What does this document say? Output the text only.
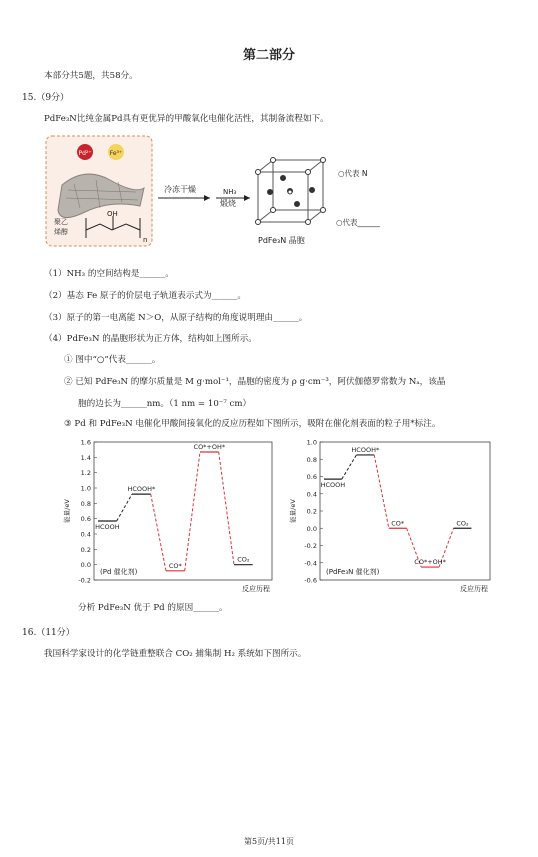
第二部分
本部分共5题，共58分。
15.（9分）
PdFe₃N比纯金属Pd具有更优异的甲酸氧化电催化活性，其制备流程如下。
Pd²⁺	Fe³⁺
聚乙
烯醇
OH
n
冷冻干燥	NH₃
煅烧
○代表 N
○代表______
PdFe₃N 晶胞
（1）NH₃ 的空间结构是______。
（2）基态 Fe 原子的价层电子轨道表示式为______。
（3）原子的第一电离能 N＞O，从原子结构的角度说明理由______。
（4）PdFe₃N 的晶胞形状为正方体，结构如上图所示。
① 图中“○”代表______。
② 已知 PdFe₃N 的摩尔质量是 M g·mol⁻¹，晶胞的密度为 ρ g·cm⁻³，阿伏伽德罗常数为 Nₐ，该晶
胞的边长为______nm。（1 nm = 10⁻⁷ cm）
③ Pd 和 PdFe₃N 电催化甲酸间接氧化的反应历程如下图所示，吸附在催化剂表面的粒子用*标注。
-0.2
0.0
0.2
0.4
0.6
0.8
1.0
1.2
1.4
1.6
能量/eV
反应历程
(Pd 催化剂)
HCOOH
HCOOH*
CO*
CO*+OH*
CO₂
-0.6
-0.4
-0.2
0.0
0.2
0.4
0.6
0.8
1.0
能量/eV
反应历程
(PdFe₃N 催化剂)
HCOOH
HCOOH*
CO*
CO*+OH*
CO₂
分析 PdFe₃N 优于 Pd 的原因______。
16.（11分）
我国科学家设计的化学链重整联合 CO₂ 捕集制 H₂ 系统如下图所示。
第5页/共11页
